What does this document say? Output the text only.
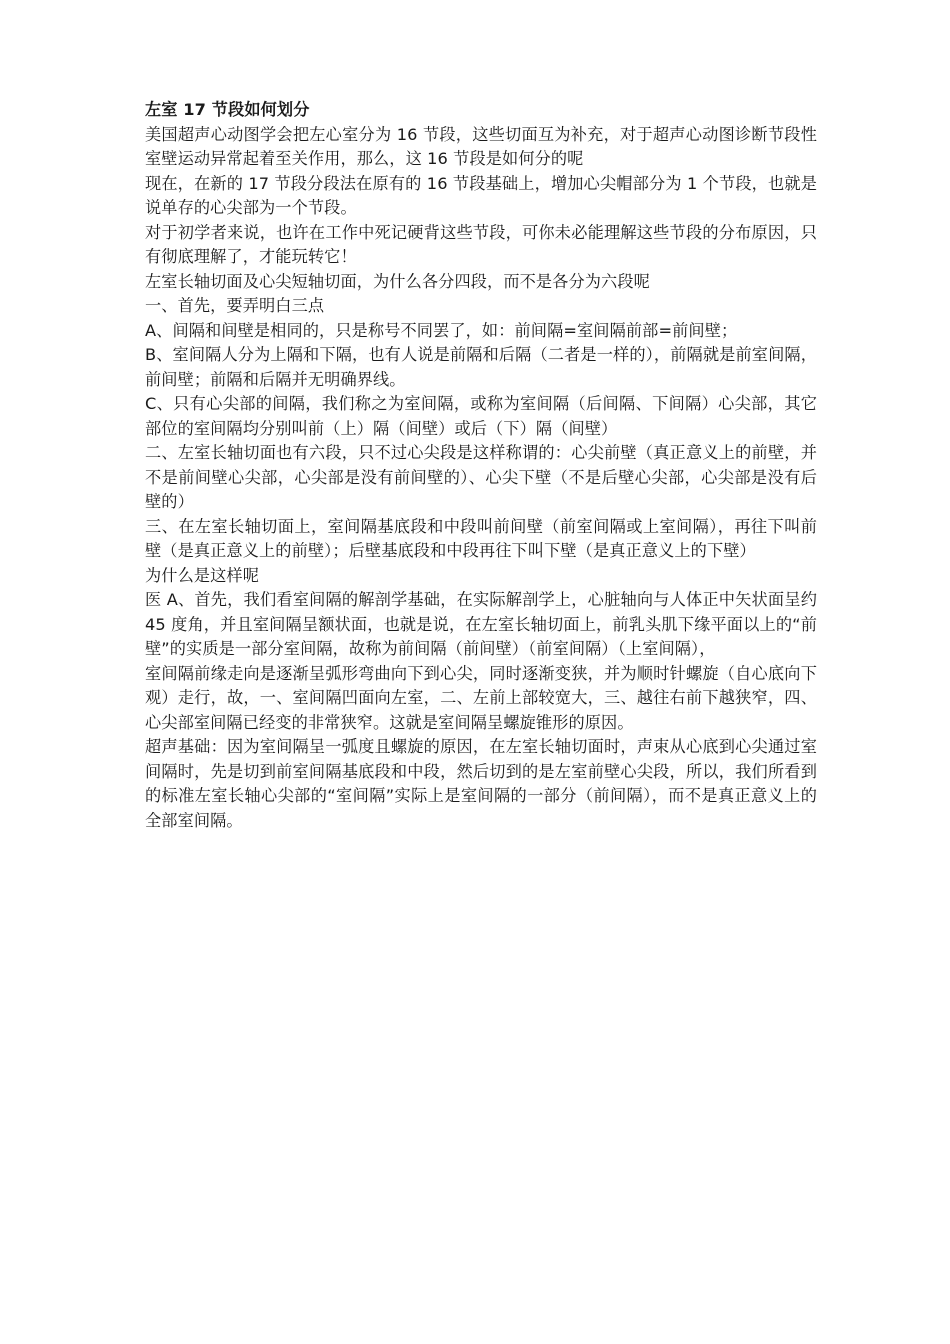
左室 17 节段如何划分

美国超声心动图学会把左心室分为 16 节段，这些切面互为补充，对于超声心动图诊断节段性室壁运动异常起着至关作用，那么，这 16 节段是如何分的呢

现在，在新的 17 节段分段法在原有的 16 节段基础上，增加心尖帽部分为 1 个节段，也就是说单存的心尖部为一个节段。

对于初学者来说，也许在工作中死记硬背这些节段，可你未必能理解这些节段的分布原因，只有彻底理解了，才能玩转它！

左室长轴切面及心尖短轴切面，为什么各分四段，而不是各分为六段呢

一、首先，要弄明白三点

A、间隔和间壁是相同的，只是称号不同罢了，如：前间隔=室间隔前部=前间壁；

B、室间隔人分为上隔和下隔，也有人说是前隔和后隔（二者是一样的），前隔就是前室间隔，前间壁；前隔和后隔并无明确界线。

C、只有心尖部的间隔，我们称之为室间隔，或称为室间隔（后间隔、下间隔）心尖部，其它部位的室间隔均分别叫前（上）隔（间壁）或后（下）隔（间壁）

二、左室长轴切面也有六段，只不过心尖段是这样称谓的：心尖前壁（真正意义上的前壁，并不是前间壁心尖部，心尖部是没有前间壁的）、心尖下壁（不是后壁心尖部，心尖部是没有后壁的）

三、在左室长轴切面上，室间隔基底段和中段叫前间壁（前室间隔或上室间隔），再往下叫前壁（是真正意义上的前壁）；后壁基底段和中段再往下叫下壁（是真正意义上的下壁）

为什么是这样呢

医 A、首先，我们看室间隔的解剖学基础，在实际解剖学上，心脏轴向与人体正中矢状面呈约 45 度角，并且室间隔呈额状面，也就是说，在左室长轴切面上，前乳头肌下缘平面以上的“前壁”的实质是一部分室间隔，故称为前间隔（前间壁）（前室间隔）（上室间隔），

室间隔前缘走向是逐渐呈弧形弯曲向下到心尖，同时逐渐变狭，并为顺时针螺旋（自心底向下观）走行，故，一、室间隔凹面向左室，二、左前上部较宽大，三、越往右前下越狭窄，四、心尖部室间隔已经变的非常狭窄。这就是室间隔呈螺旋锥形的原因。

超声基础：因为室间隔呈一弧度且螺旋的原因，在左室长轴切面时，声束从心底到心尖通过室间隔时，先是切到前室间隔基底段和中段，然后切到的是左室前壁心尖段，所以，我们所看到的标准左室长轴心尖部的“室间隔”实际上是室间隔的一部分（前间隔），而不是真正意义上的全部室间隔。
